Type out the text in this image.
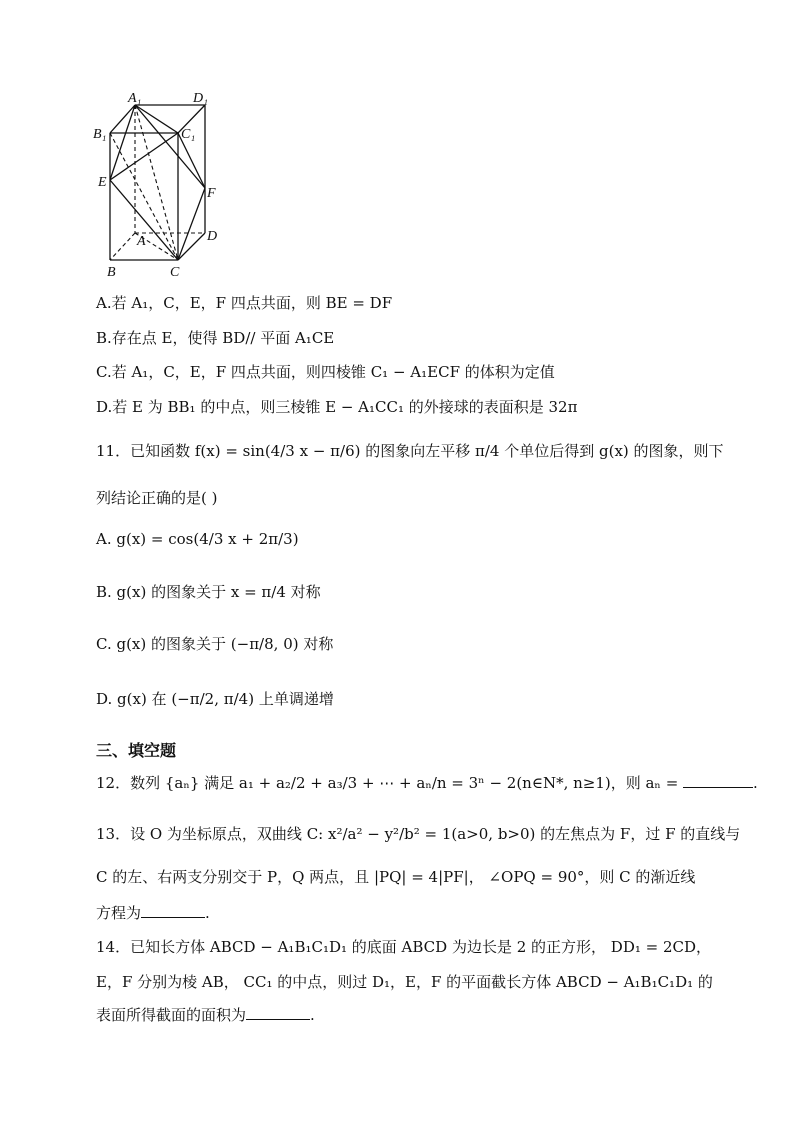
A₁	D₁
B₁	C₁
E
F
A	D
B	C
A.若 A₁，C，E，F 四点共面，则 BE = DF
B.存在点 E，使得 BD// 平面 A₁CE
C.若 A₁，C，E，F 四点共面，则四棱锥 C₁ − A₁ECF 的体积为定值
D.若 E 为 BB₁ 的中点，则三棱锥 E − A₁CC₁ 的外接球的表面积是 32π
11．已知函数 f(x) = sin(4/3 x − π/6) 的图象向左平移 π/4 个单位后得到 g(x) 的图象，则下
列结论正确的是( )
A. g(x) = cos(4/3 x + 2π/3)
B. g(x) 的图象关于 x = π/4 对称
C. g(x) 的图象关于 (−π/8, 0) 对称
D. g(x) 在 (−π/2, π/4) 上单调递增
三、填空题
12．数列 {aₙ} 满足 a₁ + a₂/2 + a₃/3 + ⋯ + aₙ/n = 3ⁿ − 2(n∈N*, n≥1)，则 aₙ =	.
13．设 O 为坐标原点，双曲线 C: x²/a² − y²/b² = 1(a>0, b>0) 的左焦点为 F，过 F 的直线与
C 的左、右两支分别交于 P，Q 两点，且 |PQ| = 4|PF|， ∠OPQ = 90°，则 C 的渐近线
方程为	.
14．已知长方体 ABCD − A₁B₁C₁D₁ 的底面 ABCD 为边长是 2 的正方形， DD₁ = 2CD，
E，F 分别为棱 AB， CC₁ 的中点，则过 D₁，E，F 的平面截长方体 ABCD − A₁B₁C₁D₁ 的
表面所得截面的面积为	.
